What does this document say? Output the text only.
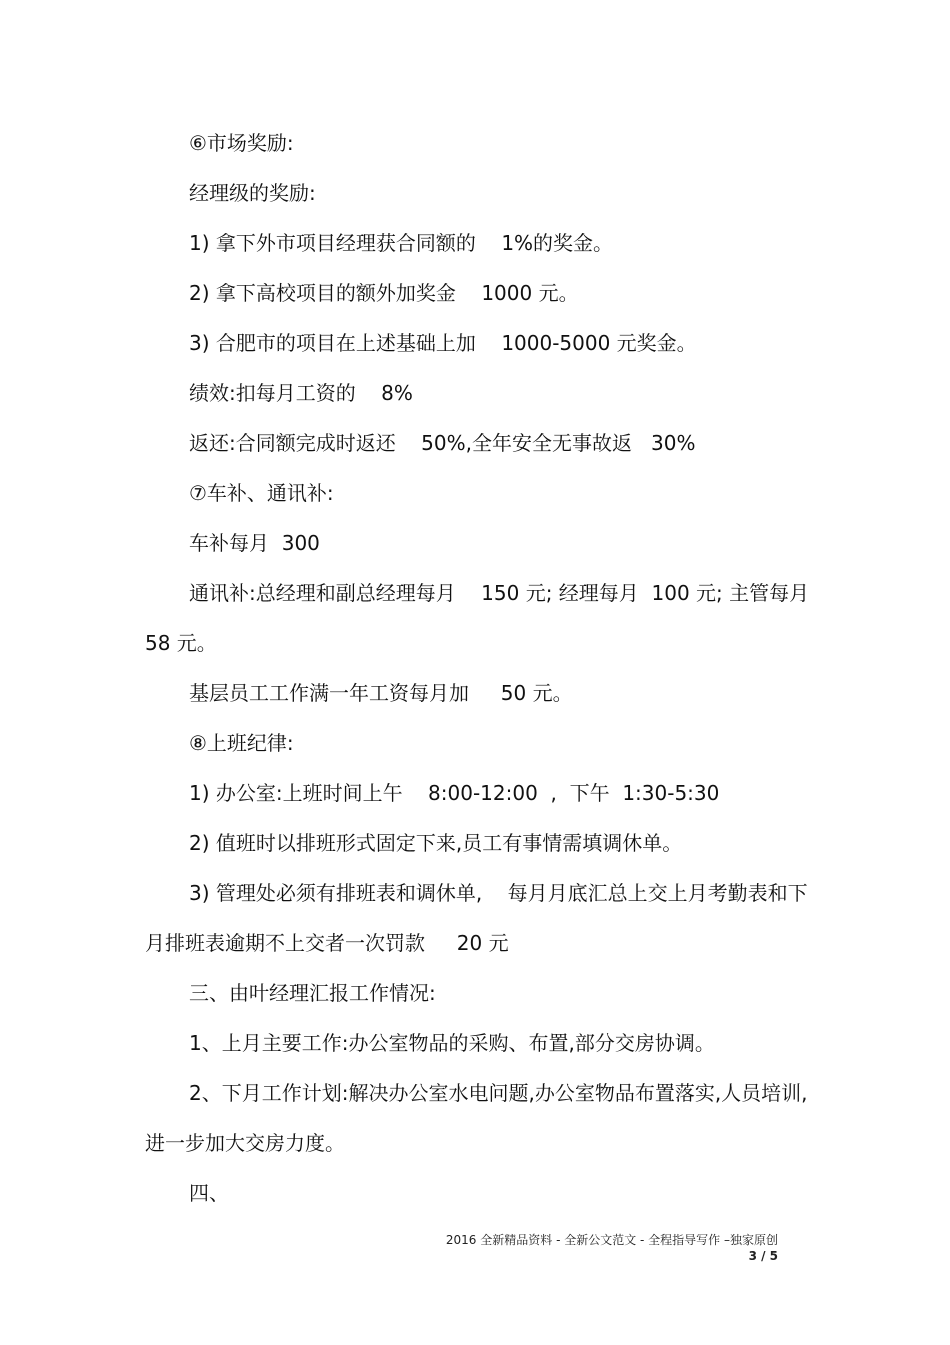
⑥市场奖励:

经理级的奖励:

1) 拿下外市项目经理获合同额的    1%的奖金。

2) 拿下高校项目的额外加奖金    1000 元。

3) 合肥市的项目在上述基础上加    1000-5000 元奖金。

绩效:扣每月工资的    8%

返还:合同额完成时返还    50%,全年安全无事故返   30%

⑦车补、通讯补:

车补每月  300

通讯补:总经理和副总经理每月    150 元; 经理每月  100 元; 主管每月 58 元。

基层员工工作满一年工资每月加     50 元。

⑧上班纪律:

1) 办公室:上班时间上午    8:00-12:00  ,  下午  1:30-5:30

2) 值班时以排班形式固定下来,员工有事情需填调休单。

3) 管理处必须有排班表和调休单,    每月月底汇总上交上月考勤表和下月排班表逾期不上交者一次罚款     20 元

三、由叶经理汇报工作情况:

1、上月主要工作:办公室物品的采购、布置,部分交房协调。

2、下月工作计划:解决办公室水电问题,办公室物品布置落实,人员培训,进一步加大交房力度。

四、

2016 全新精品资料 - 全新公文范文 - 全程指导写作 –独家原创
3 / 5
